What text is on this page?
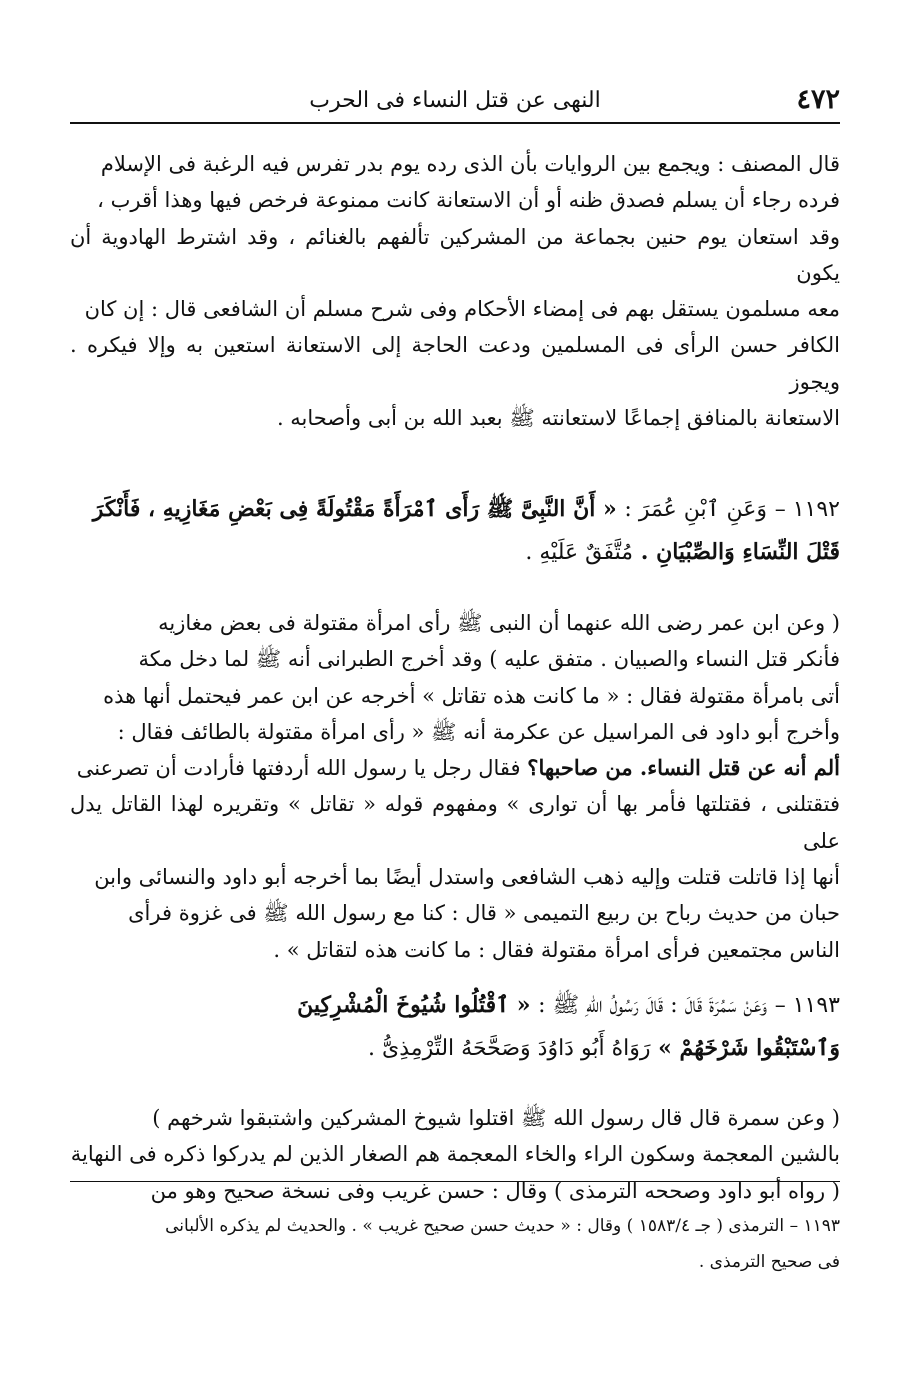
٤٧٢
النهى عن قتل النساء فى الحرب

قال المصنف : ويجمع بين الروايات بأن الذى رده يوم بدر تفرس فيه الرغبة فى الإسلام
فرده رجاء أن يسلم فصدق ظنه أو أن الاستعانة كانت ممنوعة فرخص فيها وهذا أقرب ،
وقد استعان يوم حنين بجماعة من المشركين تألفهم بالغنائم ، وقد اشترط الهادوية أن يكون
معه مسلمون يستقل بهم فى إمضاء الأحكام وفى شرح مسلم أن الشافعى قال : إن كان
الكافر حسن الرأى فى المسلمين ودعت الحاجة إلى الاستعانة استعين به وإلا فيكره . ويجوز
الاستعانة بالمنافق إجماعًا لاستعانته ﷺ بعبد الله بن أبى وأصحابه .

١١٩٢ – وَعَنِ ٱبْنِ عُمَرَ : « أَنَّ النَّبِىَّ ﷺ رَأَى ٱمْرَأَةً مَقْتُولَةً فِى بَعْضِ مَغَازِيهِ ، فَأَنْكَرَ
قَتْلَ النِّسَاءِ وَالصِّبْيَانِ . مُتَّفَقٌ عَلَيْهِ .

( وعن ابن عمر رضى الله عنهما أن النبى ﷺ رأى امرأة مقتولة فى بعض مغازيه
فأنكر قتل النساء والصبيان . متفق عليه ) وقد أخرج الطبرانى أنه ﷺ لما دخل مكة
أتى بامرأة مقتولة فقال : « ما كانت هذه تقاتل » أخرجه عن ابن عمر فيحتمل أنها هذه
وأخرج أبو داود فى المراسيل عن عكرمة أنه ﷺ « رأى امرأة مقتولة بالطائف فقال :
ألم أنه عن قتل النساء. من صاحبها؟ فقال رجل يا رسول الله أردفتها فأرادت أن تصرعنى
فتقتلنى ، فقتلتها فأمر بها أن توارى » ومفهوم قوله « تقاتل » وتقريره لهذا القاتل يدل على
أنها إذا قاتلت قتلت وإليه ذهب الشافعى واستدل أيضًا بما أخرجه أبو داود والنسائى وابن
حبان من حديث رباح بن ربيع التميمى « قال : كنا مع رسول الله ﷺ فى غزوة فرأى
الناس مجتمعين فرأى امرأة مقتولة فقال : ما كانت هذه لتقاتل » .

١١٩٣ – وَعَنْ سَمُرَةَ قَالَ : قَالَ رَسُولُ اللهِ ﷺ : « ٱقْتُلُوا شُيُوخَ الْمُشْرِكِينَ
وَٱسْتَبْقُوا شَرْخَهُمْ » رَوَاهُ أَبُو دَاوُدَ وَصَحَّحَهُ التِّرْمِذِىُّ .

( وعن سمرة قال قال رسول الله ﷺ اقتلوا شيوخ المشركين واشتبقوا شرخهم )
بالشين المعجمة وسكون الراء والخاء المعجمة هم الصغار الذين لم يدركوا ذكره فى النهاية
( رواه أبو داود وصححه الترمذى ) وقال : حسن غريب وفى نسخة صحيح وهو من

١١٩٣ – الترمذى ( جـ ١٥٨٣/٤ ) وقال : « حديث حسن صحيح غريب » . والحديث لم يذكره الألبانى
فى صحيح الترمذى .
